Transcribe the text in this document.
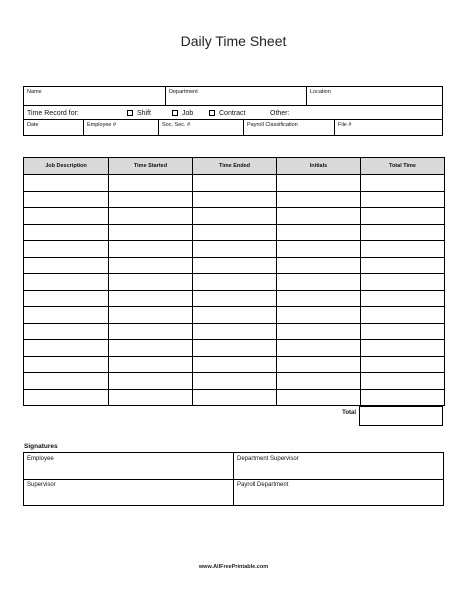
Daily Time Sheet
Name	Department	Location
Time Record for:	Shift	Job	Contract	Other:
Date	Employee #	Soc. Sec. #	Payroll Classification	File #
Job Description	Time Started	Time Ended	Initials	Total Time

Total
Signatures
Employee	Department Supervisor
Supervisor	Payroll Department
www.AllFreePrintable.com
